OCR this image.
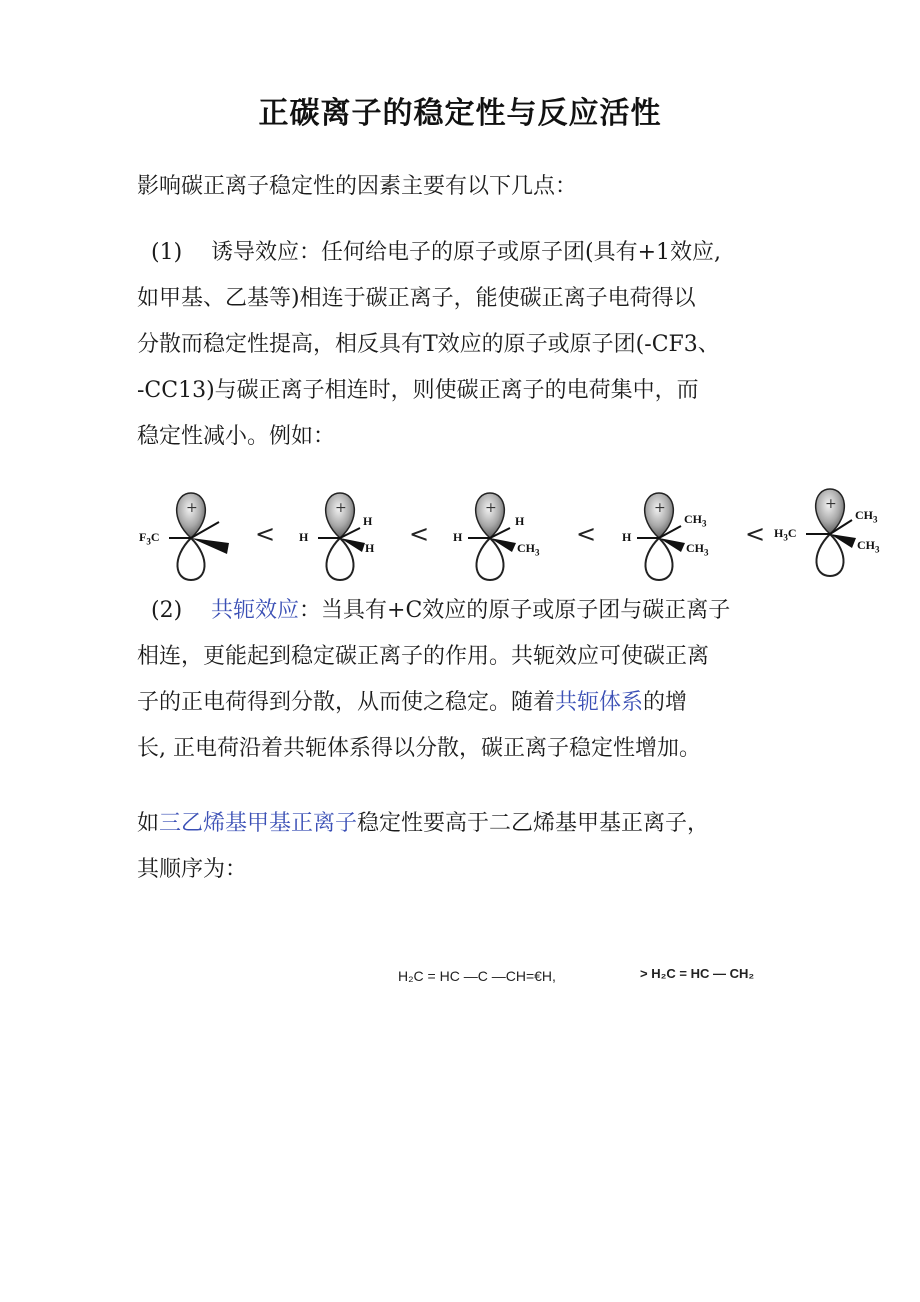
正碳离子的稳定性与反应活性
影响碳正离子稳定性的因素主要有以下几点：
(1) 诱导效应：任何给电子的原子或原子团(具有+1效应,
如甲基、乙基等)相连于碳正离子，能使碳正离子电荷得以
分散而稳定性提高，相反具有T效应的原子或原子团(-CF3、
-CC13)与碳正离子相连时，则使碳正离子的电荷集中，而
稳定性减小。例如：
+	+	+	+	+
$F_3C$	< H
H
H < H
H
$CH_3$
< H
$CH_3$
$CH_3$
< $H_3C$
$CH_3$
$CH_3$
(2) 共轭效应：当具有+C效应的原子或原子团与碳正离子
相连，更能起到稳定碳正离子的作用。共轭效应可使碳正离
子的正电荷得到分散，从而使之稳定。随着共轭体系的增
长, 正电荷沿着共轭体系得以分散，碳正离子稳定性增加。
如三乙烯基甲基正离子稳定性要高于二乙烯基甲基正离子，
其顺序为：
H₂C = HC —C —CH=€H,	> H₂C = HC — CH₂
